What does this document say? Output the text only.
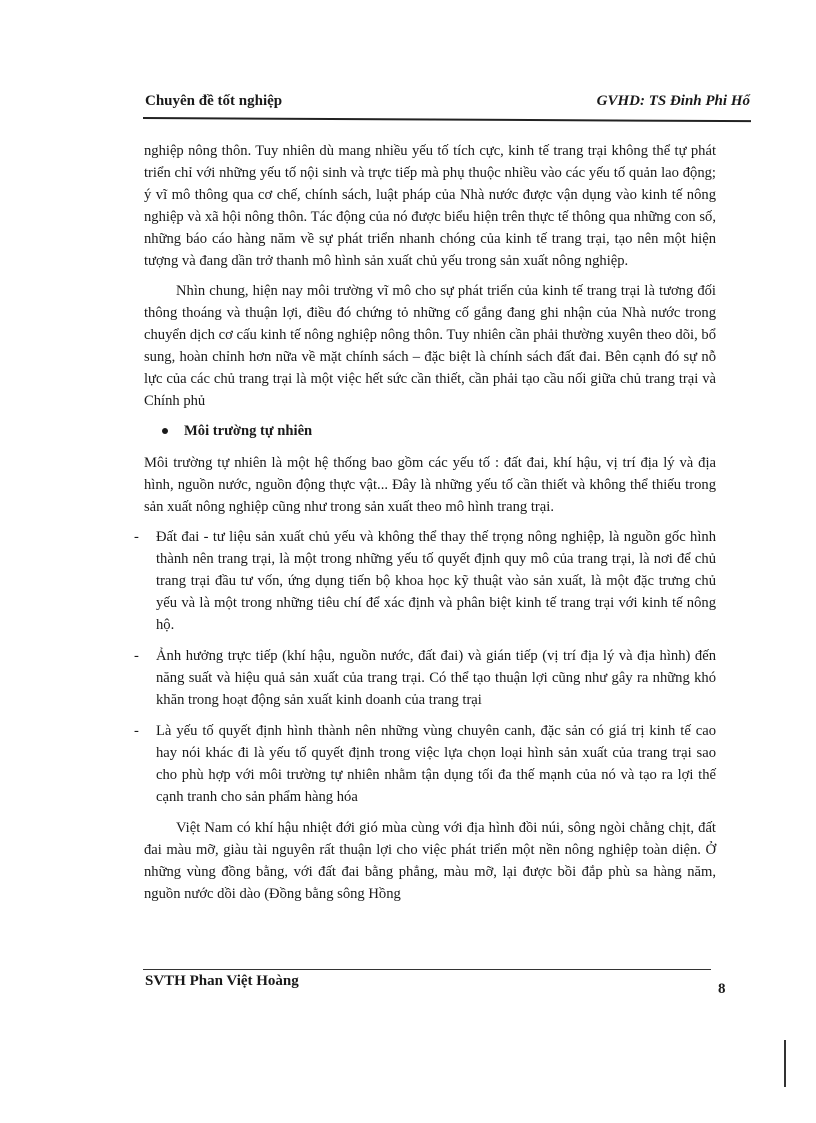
Chuyên đề tốt nghiệp	GVHD: TS Đinh Phi Hổ

nghiệp nông thôn. Tuy nhiên dù mang nhiều yếu tố tích cực, kinh tế trang trại không thể tự phát triển chỉ với những yếu tố nội sinh và trực tiếp mà phụ thuộc nhiều vào các yếu tố quản lao động; ý vĩ mô thông qua cơ chế, chính sách, luật pháp của Nhà nước được vận dụng vào kinh tế nông nghiệp và xã hội nông thôn. Tác động của nó được biểu hiện trên thực tế thông qua những con số, những báo cáo hàng năm về sự phát triển nhanh chóng của kinh tế trang trại, tạo nên một hiện tượng và đang dần trở thanh mô hình sản xuất chủ yếu trong sản xuất nông nghiệp.

Nhìn chung, hiện nay môi trường vĩ mô cho sự phát triển của kinh tế trang trại là tương đối thông thoáng và thuận lợi, điều đó chứng tỏ những cố gắng đang ghi nhận của Nhà nước trong chuyển dịch cơ cấu kinh tế nông nghiệp nông thôn. Tuy nhiên cần phải thường xuyên theo dõi, bổ sung, hoàn chỉnh hơn nữa về mặt chính sách – đặc biệt là chính sách đất đai. Bên cạnh đó sự nỗ lực của các chủ trang trại là một việc hết sức cần thiết, cần phải tạo cầu nối giữa chủ trang trại và Chính phủ

Môi trường tự nhiên

Môi trường tự nhiên là một hệ thống bao gồm các yếu tố : đất đai, khí hậu, vị trí địa lý và địa hình, nguồn nước, nguồn động thực vật... Đây là những yếu tố cần thiết và không thể thiếu trong sản xuất nông nghiệp cũng như trong sản xuất theo mô hình trang trại.

-	Đất đai - tư liệu sản xuất chủ yếu và không thể thay thế trọng nông nghiệp, là nguồn gốc hình thành nên trang trại, là một trong những yếu tố quyết định quy mô của trang trại, là nơi để chủ trang trại đầu tư vốn, ứng dụng tiến bộ khoa học kỹ thuật vào sản xuất, là một đặc trưng chủ yếu và là một trong những tiêu chí để xác định và phân biệt kinh tế trang trại với kinh tế nông hộ.
-	Ảnh hưởng trực tiếp (khí hậu, nguồn nước, đất đai) và gián tiếp (vị trí địa lý và địa hình) đến năng suất và hiệu quả sản xuất của trang trại. Có thể tạo thuận lợi cũng như gây ra những khó khăn trong hoạt động sản xuất kinh doanh của trang trại
-	Là yếu tố quyết định hình thành nên những vùng chuyên canh, đặc sản có giá trị kinh tế cao hay nói khác đi là yếu tố quyết định trong việc lựa chọn loại hình sản xuất của trang trại sao cho phù hợp với môi trường tự nhiên nhằm tận dụng tối đa thế mạnh của nó và tạo ra lợi thế cạnh tranh cho sản phẩm hàng hóa

Việt Nam có khí hậu nhiệt đới gió mùa cùng với địa hình đồi núi, sông ngòi chằng chịt, đất đai màu mỡ, giàu tài nguyên rất thuận lợi cho việc phát triển một nền nông nghiệp toàn diện. Ở những vùng đồng bằng, với đất đai bằng phẳng, màu mỡ, lại được bồi đắp phù sa hàng năm, nguồn nước dồi dào (Đồng bằng sông Hồng

SVTH Phan Việt Hoàng	8
